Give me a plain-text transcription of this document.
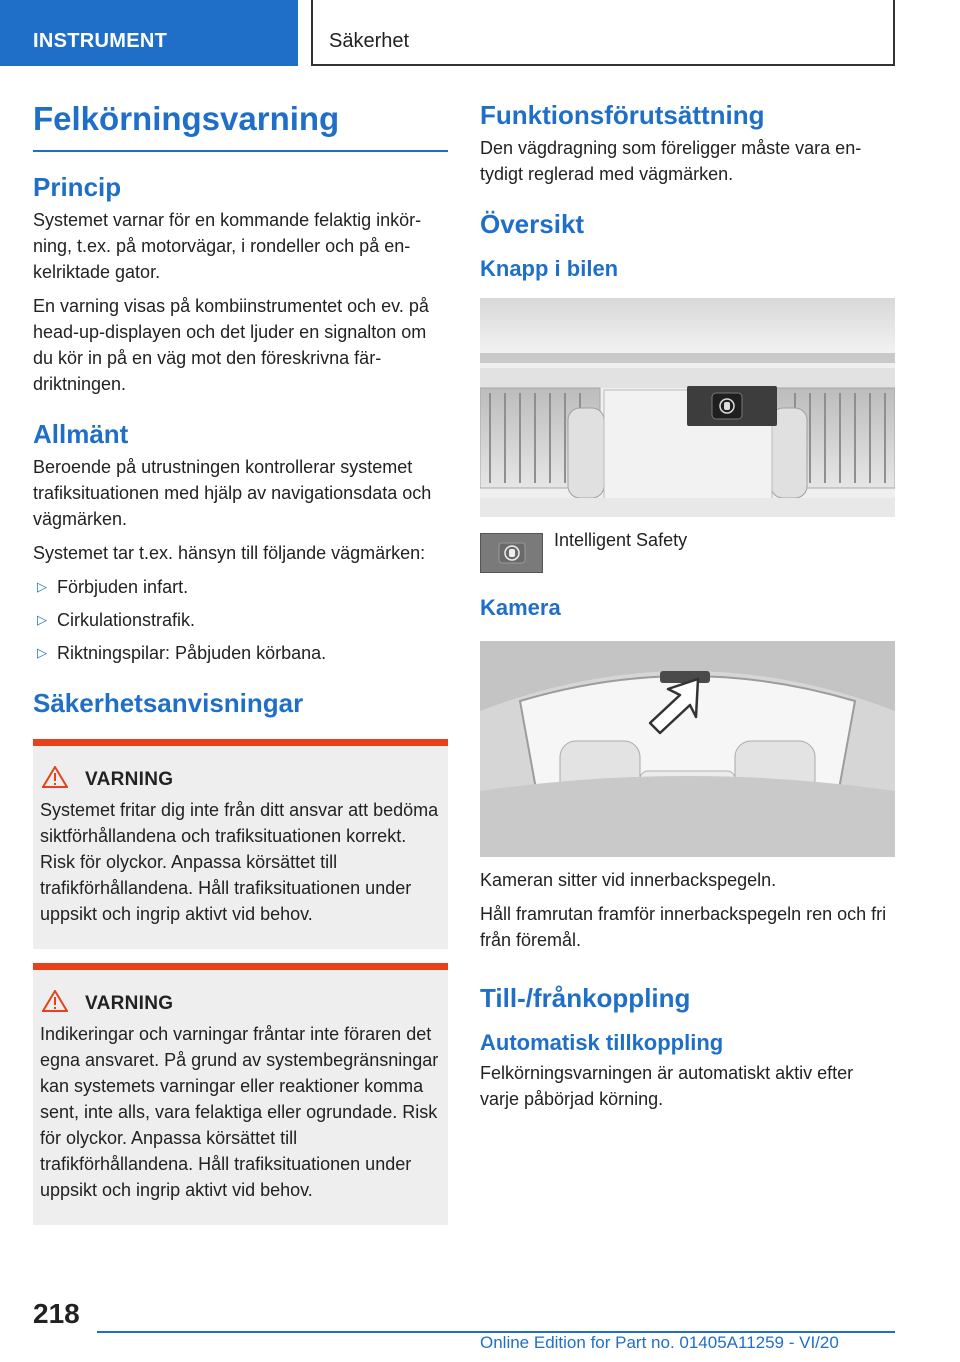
INSTRUMENT	Säkerhet
Felkörningsvarning
Princip

Systemet varnar för en kommande felaktig inkörning, t.ex. på motorvägar, i rondeller och på enkelriktade gator.

En varning visas på kombiinstrumentet och ev. på head-up-displayen och det ljuder en signalton om du kör in på en väg mot den föreskrivna färdriktningen.

Allmänt

Beroende på utrustningen kontrollerar systemet trafiksituationen med hjälp av navigationsdata och vägmärken.

Systemet tar t.ex. hänsyn till följande vägmärken:

▷ Förbjuden infart.
▷ Cirkulationstrafik.
▷ Riktningspilar: Påbjuden körbana.
Säkerhetsanvisningar
VARNING

Systemet fritar dig inte från ditt ansvar att bedöma siktförhållandena och trafiksituationen korrekt. Risk för olyckor. Anpassa körsättet till trafikförhållandena. Håll trafiksituationen under uppsikt och ingrip aktivt vid behov.

VARNING

Indikeringar och varningar fråntar inte föraren det egna ansvaret. På grund av systembegränsningar kan systemets varningar eller reaktioner komma sent, inte alls, vara felaktiga eller ogrundade. Risk för olyckor. Anpassa körsättet till trafikförhållandena. Håll trafiksituationen under uppsikt och ingrip aktivt vid behov.

Funktionsförutsättning

Den vägdragning som föreligger måste vara entydigt reglerad med vägmärken.

Översikt
Knapp i bilen
Intelligent Safety
Kamera

Kameran sitter vid innerbackspegeln.

Håll framrutan framför innerbackspegeln ren och fri från föremål.

Till-/frånkoppling
Automatisk tillkoppling

Felkörningsvarningen är automatiskt aktiv efter varje påbörjad körning.

218
Online Edition for Part no. 01405A11259 - VI/20
